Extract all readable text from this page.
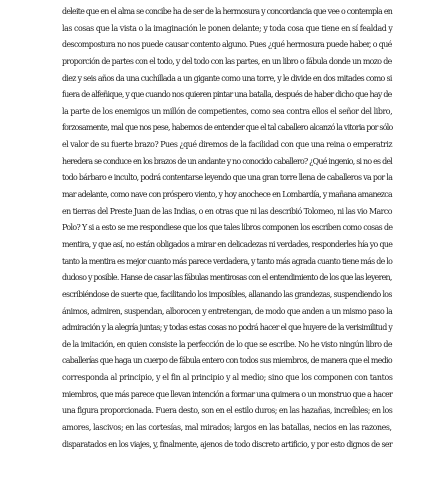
deleite que en el alma se concibe ha de ser de la hermosura y concordancia que vee o contempla en
las cosas que la vista o la imaginación le ponen delante; y toda cosa que tiene en sí fealdad y
descompostura no nos puede causar contento alguno. Pues ¿qué hermosura puede haber, o qué
proporción de partes con el todo, y del todo con las partes, en un libro o fábula donde un mozo de
diez y seis años da una cuchillada a un gigante como una torre, y le divide en dos mitades como si
fuera de alfeñique, y que cuando nos quieren pintar una batalla, después de haber dicho que hay de
la parte de los enemigos un millón de competientes, como sea contra ellos el señor del libro,
forzosamente, mal que nos pese, habemos de entender que el tal caballero alcanzó la vitoria por sólo
el valor de su fuerte brazo? Pues ¿qué diremos de la facilidad con que una reina o emperatriz
heredera se conduce en los brazos de un andante y no conocido caballero? ¿Qué ingenio, si no es del
todo bárbaro e inculto, podrá contentarse leyendo que una gran torre llena de caballeros va por la
mar adelante, como nave con próspero viento, y hoy anochece en Lombardía, y mañana amanezca
en tierras del Preste Juan de las Indias, o en otras que ni las describió Tolomeo, ni las vio Marco
Polo? Y si a esto se me respondiese que los que tales libros componen los escriben como cosas de
mentira, y que así, no están obligados a mirar en delicadezas ni verdades, responderles hía yo que
tanto la mentira es mejor cuanto más parece verdadera, y tanto más agrada cuanto tiene más de lo
dudoso y posible. Hanse de casar las fábulas mentirosas con el entendimiento de los que las leyeren,
escribiéndose de suerte que, facilitando los imposibles, allanando las grandezas, suspendiendo los
ánimos, admiren, suspendan, alborocen y entretengan, de modo que anden a un mismo paso la
admiración y la alegría juntas; y todas estas cosas no podrá hacer el que huyere de la verisimilitud y
de la imitación, en quien consiste la perfección de lo que se escribe. No he visto ningún libro de
caballerías que haga un cuerpo de fábula entero con todos sus miembros, de manera que el medio
corresponda al principio, y el fin al principio y al medio; sino que los componen con tantos
miembros, que más parece que llevan intención a formar una quimera o un monstruo que a hacer
una figura proporcionada. Fuera desto, son en el estilo duros; en las hazañas, increíbles; en los
amores, lascivos; en las cortesías, mal mirados; largos en las batallas, necios en las razones,
disparatados en los viajes, y, finalmente, ajenos de todo discreto artificio, y por esto dignos de ser
